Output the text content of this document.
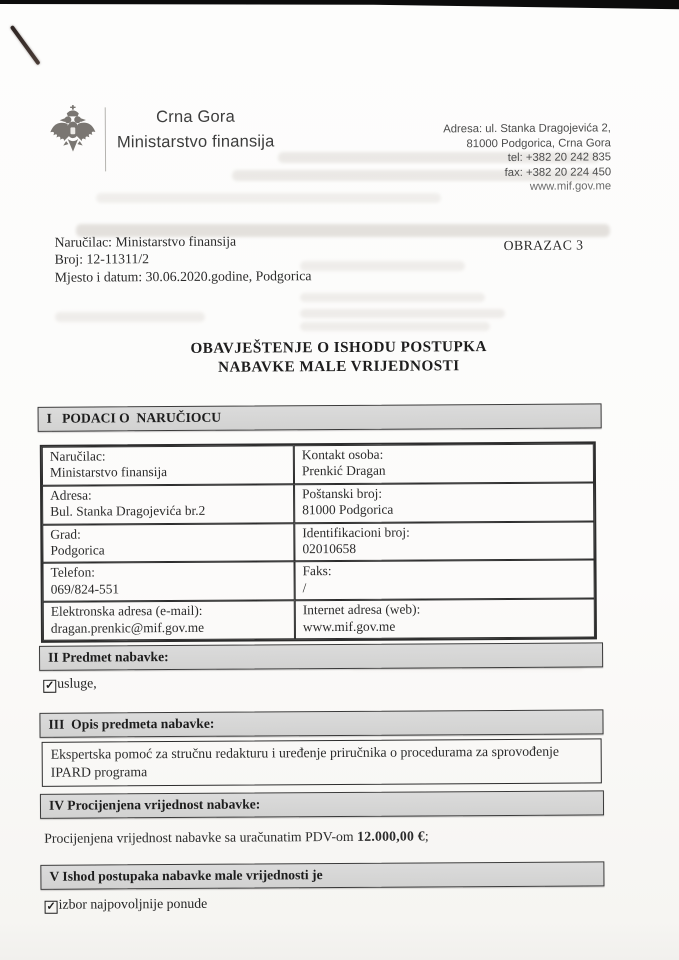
Crna Gora
Ministarstvo finansija
Adresa: ul. Stanka Dragojevića 2,
81000 Podgorica, Crna Gora
tel: +382 20 242 835
fax: +382 20 224 450
www.mif.gov.me
Naručilac: Ministarstvo finansija
Broj: 12-11311/2
Mjesto i datum: 30.06.2020.godine, Podgorica
OBRAZAC 3
OBAVJEŠTENJE O ISHODU POSTUPKA
NABAVKE MALE VRIJEDNOSTI
I   PODACI O  NARUČIOCU
Naručilac:
Ministarstvo finansija
Kontakt osoba:
Prenkić Dragan
Adresa:
Bul. Stanka Dragojevića br.2
Poštanski broj:
81000 Podgorica
Grad:
Podgorica
Identifikacioni broj:
02010658
Telefon:
069/824-551
Faks:
/
Elektronska adresa (e-mail):
dragan.prenkic@mif.gov.me
Internet adresa (web):
www.mif.gov.me
II Predmet nabavke:
✓ usluge,
III  Opis predmeta nabavke:
Ekspertska pomoć za stručnu redakturu i uređenje priručnika o procedurama za sprovođenje IPARD programa
IV Procijenjena vrijednost nabavke:
Procijenjena vrijednost nabavke sa uračunatim PDV-om 12.000,00 €;
V Ishod postupaka nabavke male vrijednosti je
✓ izbor najpovoljnije ponude
